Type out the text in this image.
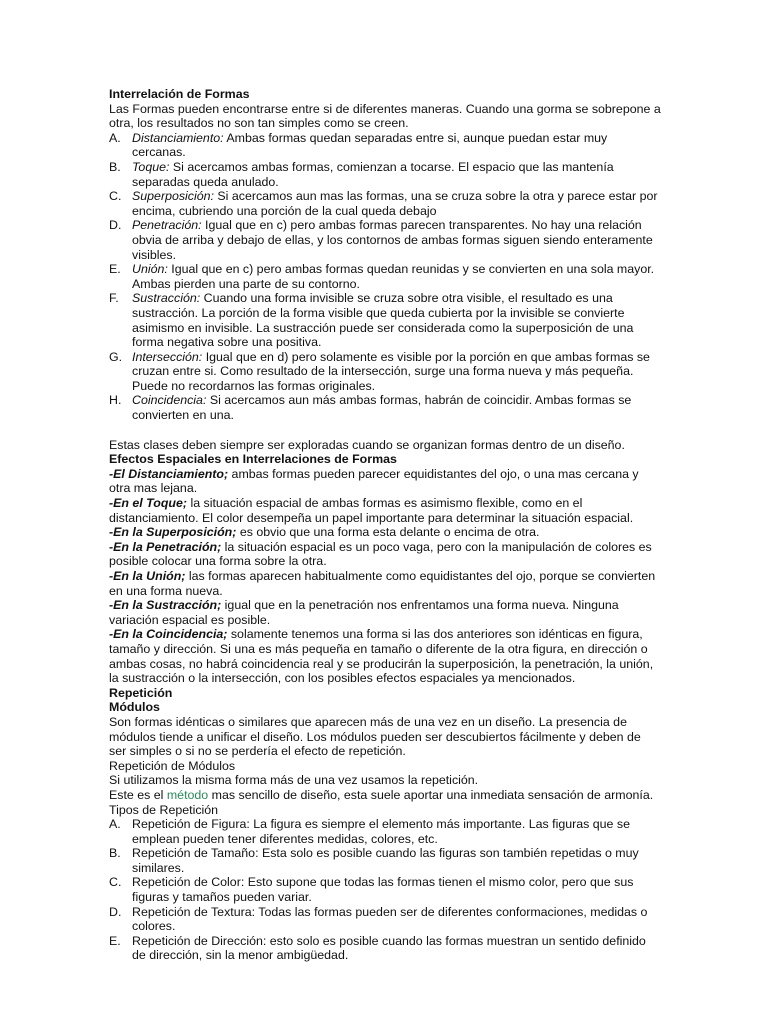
Interrelación de Formas

Las Formas pueden encontrarse entre si de diferentes maneras. Cuando una gorma se sobrepone a otra, los resultados no son tan simples como se creen.

A. Distanciamiento: Ambas formas quedan separadas entre si, aunque puedan estar muy cercanas.
B. Toque: Si acercamos ambas formas, comienzan a tocarse. El espacio que las mantenía separadas queda anulado.
C. Superposición: Si acercamos aun mas las formas, una se cruza sobre la otra y parece estar por encima, cubriendo una porción de la cual queda debajo
D. Penetración: Igual que en c) pero ambas formas parecen transparentes. No hay una relación obvia de arriba y debajo de ellas, y los contornos de ambas formas siguen siendo enteramente visibles.
E. Unión: Igual que en c) pero ambas formas quedan reunidas y se convierten en una sola mayor. Ambas pierden una parte de su contorno.
F. Sustracción: Cuando una forma invisible se cruza sobre otra visible, el resultado es una sustracción. La porción de la forma visible que queda cubierta por la invisible se convierte asimismo en invisible. La sustracción puede ser considerada como la superposición de una forma negativa sobre una positiva.
G. Intersección: Igual que en d) pero solamente es visible por la porción en que ambas formas se cruzan entre si. Como resultado de la intersección, surge una forma nueva y más pequeña. Puede no recordarnos las formas originales.
H. Coincidencia: Si acercamos aun más ambas formas, habrán de coincidir. Ambas formas se convierten en una.

Estas clases deben siempre ser exploradas cuando se organizan formas dentro de un diseño.

Efectos Espaciales en Interrelaciones de Formas

-El Distanciamiento; ambas formas pueden parecer equidistantes del ojo, o una mas cercana y otra mas lejana.

-En el Toque; la situación espacial de ambas formas es asimismo flexible, como en el distanciamiento. El color desempeña un papel importante para determinar la situación espacial.

-En la Superposición; es obvio que una forma esta delante o encima de otra.

-En la Penetración; la situación espacial es un poco vaga, pero con la manipulación de colores es posible colocar una forma sobre la otra.

-En la Unión; las formas aparecen habitualmente como equidistantes del ojo, porque se convierten en una forma nueva.

-En la Sustracción; igual que en la penetración nos enfrentamos una forma nueva. Ninguna variación espacial es posible.

-En la Coincidencia; solamente tenemos una forma si las dos anteriores son idénticas en figura, tamaño y dirección. Si una es más pequeña en tamaño o diferente de la otra figura, en dirección o ambas cosas, no habrá coincidencia real y se producirán la superposición, la penetración, la unión, la sustracción o la intersección, con los posibles efectos espaciales ya mencionados.

Repetición

Módulos

Son formas idénticas o similares que aparecen más de una vez en un diseño. La presencia de módulos tiende a unificar el diseño. Los módulos pueden ser descubiertos fácilmente y deben de ser simples o si no se perdería el efecto de repetición.

Repetición de Módulos

Si utilizamos la misma forma más de una vez usamos la repetición.

Este es el método mas sencillo de diseño, esta suele aportar una inmediata sensación de armonía.

Tipos de Repetición

A. Repetición de Figura: La figura es siempre el elemento más importante. Las figuras que se emplean pueden tener diferentes medidas, colores, etc.
B. Repetición de Tamaño: Esta solo es posible cuando las figuras son también repetidas o muy similares.
C. Repetición de Color: Esto supone que todas las formas tienen el mismo color, pero que sus figuras y tamaños pueden variar.
D. Repetición de Textura: Todas las formas pueden ser de diferentes conformaciones, medidas o colores.
E. Repetición de Dirección: esto solo es posible cuando las formas muestran un sentido definido de dirección, sin la menor ambigüedad.
